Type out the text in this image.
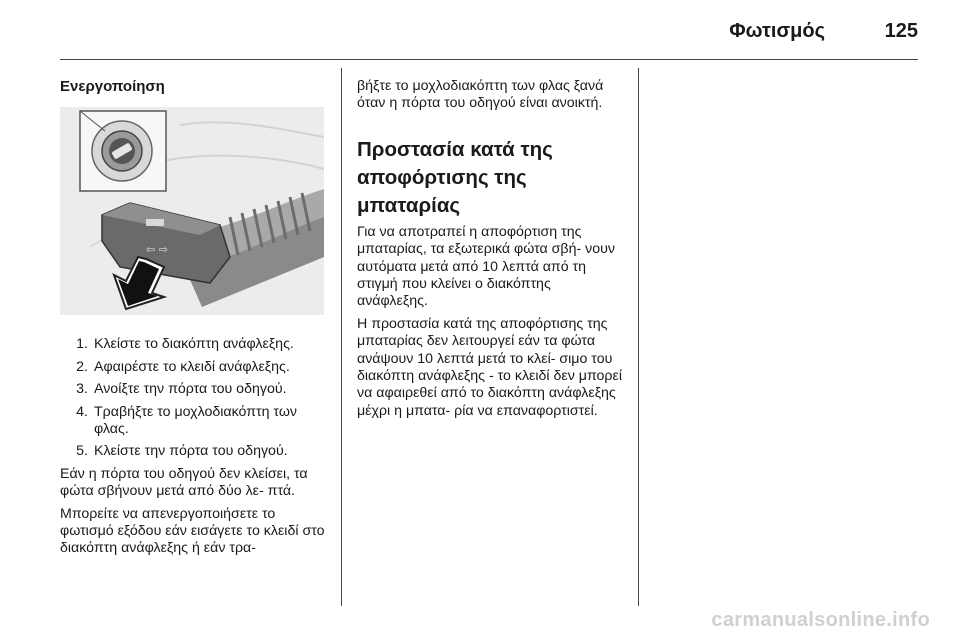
Φωτισμός	125
Ενεργοποίηση
⇦ ⇨
1. Κλείστε το διακόπτη ανάφλεξης.
2. Αφαιρέστε το κλειδί ανάφλεξης.
3. Ανοίξτε την πόρτα του οδηγού.
4. Τραβήξτε το μοχλοδιακόπτη των φλας.
5. Κλείστε την πόρτα του οδηγού.

Εάν η πόρτα του οδηγού δεν κλείσει, τα φώτα σβήνουν μετά από δύο λε- πτά.

Μπορείτε να απενεργοποιήσετε το φωτισμό εξόδου εάν εισάγετε το κλειδί στο διακόπτη ανάφλεξης ή εάν τρα-

βήξτε το μοχλοδιακόπτη των φλας ξανά όταν η πόρτα του οδηγού είναι ανοικτή.

Προστασία κατά της αποφόρτισης της μπαταρίας

Για να αποτραπεί η αποφόρτιση της μπαταρίας, τα εξωτερικά φώτα σβή- νουν αυτόματα μετά από 10 λεπτά από τη στιγμή που κλείνει ο διακόπτης ανάφλεξης.

Η προστασία κατά της αποφόρτισης της μπαταρίας δεν λειτουργεί εάν τα φώτα ανάψουν 10 λεπτά μετά το κλεί- σιμο του διακόπτη ανάφλεξης - το κλειδί δεν μπορεί να αφαιρεθεί από το διακόπτη ανάφλεξης μέχρι η μπατα- ρία να επαναφορτιστεί.

carmanualsonline.info
